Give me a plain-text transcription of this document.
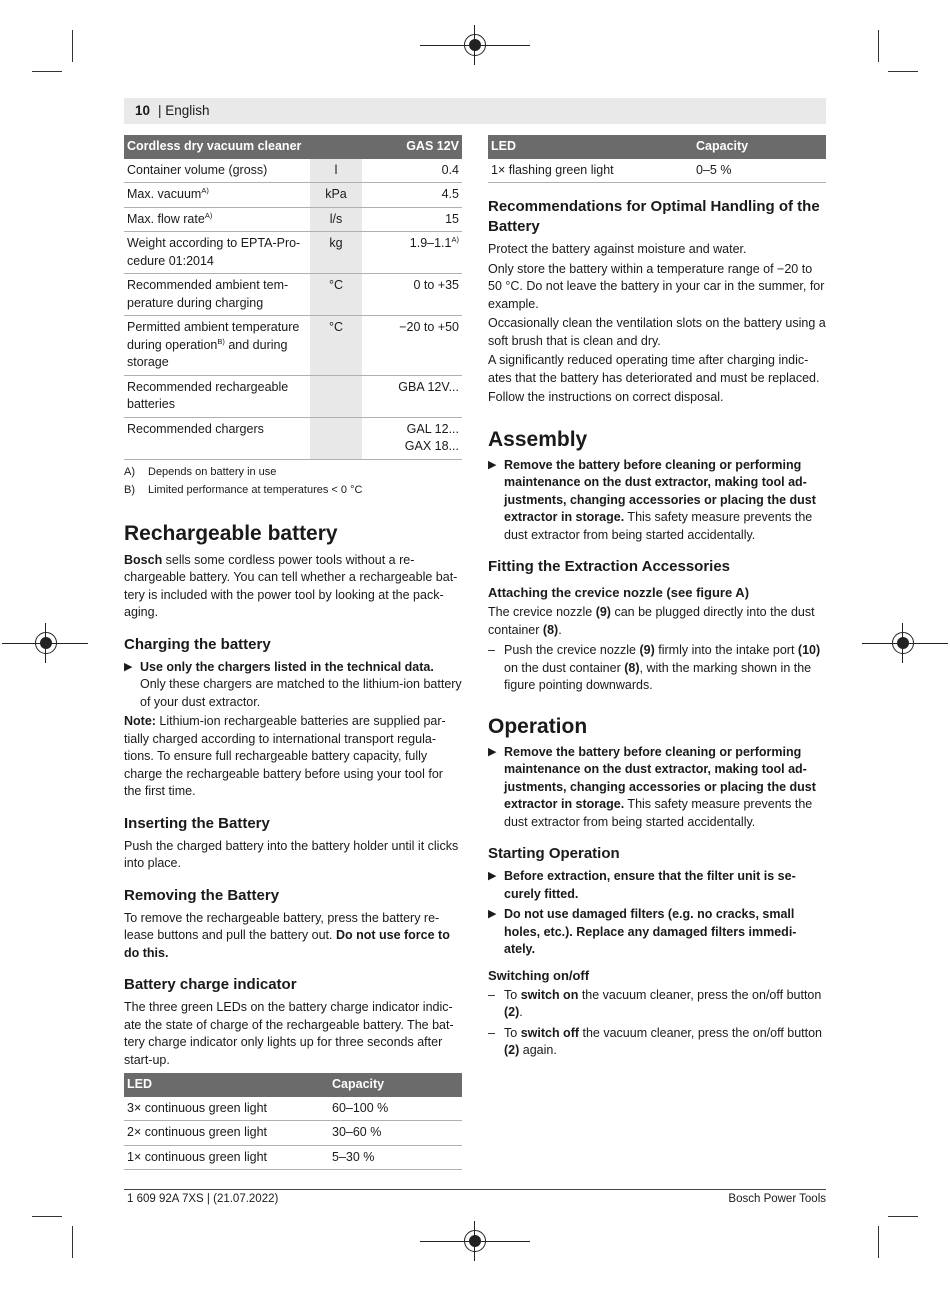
10 | English
Cordless dry vacuum cleaner		GAS 12V
Container volume (gross)	l	0.4
Max. vacuum$^{A)}$	kPa	4.5
Max. flow rate$^{A)}$	l/s	15
Weight according to EPTA-Pro-cedure 01:2014	kg	$1.9-1.1^{A)}$
Recommended ambient tem-perature during charging	°C	0 to +35
Permitted ambient temperature during operation$^{B)}$ and during storage	°C	−20 to +50
Recommended rechargeable batteries		GBA 12V...
Recommended chargers		GAL 12...
GAX 18...
A)	Depends on battery in use
B)	Limited performance at temperatures < 0 °C
Rechargeable battery

Bosch sells some cordless power tools without a re-chargeable battery. You can tell whether a rechargeable bat-tery is included with the power tool by looking at the pack-aging.

Charging the battery
▶ Use only the chargers listed in the technical data. Only these chargers are matched to the lithium-ion battery of your dust extractor.

Note: Lithium-ion rechargeable batteries are supplied par-tially charged according to international transport regula-tions. To ensure full rechargeable battery capacity, fully charge the rechargeable battery before using your tool for the first time.

Inserting the Battery

Push the charged battery into the battery holder until it clicks into place.

Removing the Battery

To remove the rechargeable battery, press the battery re-lease buttons and pull the battery out. Do not use force to do this.

Battery charge indicator

The three green LEDs on the battery charge indicator indic-ate the state of charge of the rechargeable battery. The bat-tery charge indicator only lights up for three seconds after start-up.

LED	Capacity
3× continuous green light	60–100 %
2× continuous green light	30–60 %
1× continuous green light	5–30 %
LED	Capacity
1× flashing green light	0–5 %
Recommendations for Optimal Handling of the Battery

Protect the battery against moisture and water.

Only store the battery within a temperature range of −20 to 50 °C. Do not leave the battery in your car in the summer, for example.

Occasionally clean the ventilation slots on the battery using a soft brush that is clean and dry.

A significantly reduced operating time after charging indic-ates that the battery has deteriorated and must be replaced.

Follow the instructions on correct disposal.

Assembly
▶ Remove the battery before cleaning or performing maintenance on the dust extractor, making tool ad-justments, changing accessories or placing the dust extractor in storage. This safety measure prevents the dust extractor from being started accidentally.

Fitting the Extraction Accessories
Attaching the crevice nozzle (see figure A)

The crevice nozzle (9) can be plugged directly into the dust container (8).

– Push the crevice nozzle (9) firmly into the intake port (10) on the dust container (8), with the marking shown in the figure pointing downwards.

Operation
▶ Remove the battery before cleaning or performing maintenance on the dust extractor, making tool ad-justments, changing accessories or placing the dust extractor in storage. This safety measure prevents the dust extractor from being started accidentally.

Starting Operation
▶ Before extraction, ensure that the filter unit is se-curely fitted.

▶ Do not use damaged filters (e.g. no cracks, small holes, etc.). Replace any damaged filters immedi-ately.

Switching on/off
– To switch on the vacuum cleaner, press the on/off button (2).

– To switch off the vacuum cleaner, press the on/off button (2) again.

1 609 92A 7XS | (21.07.2022)	Bosch Power Tools
